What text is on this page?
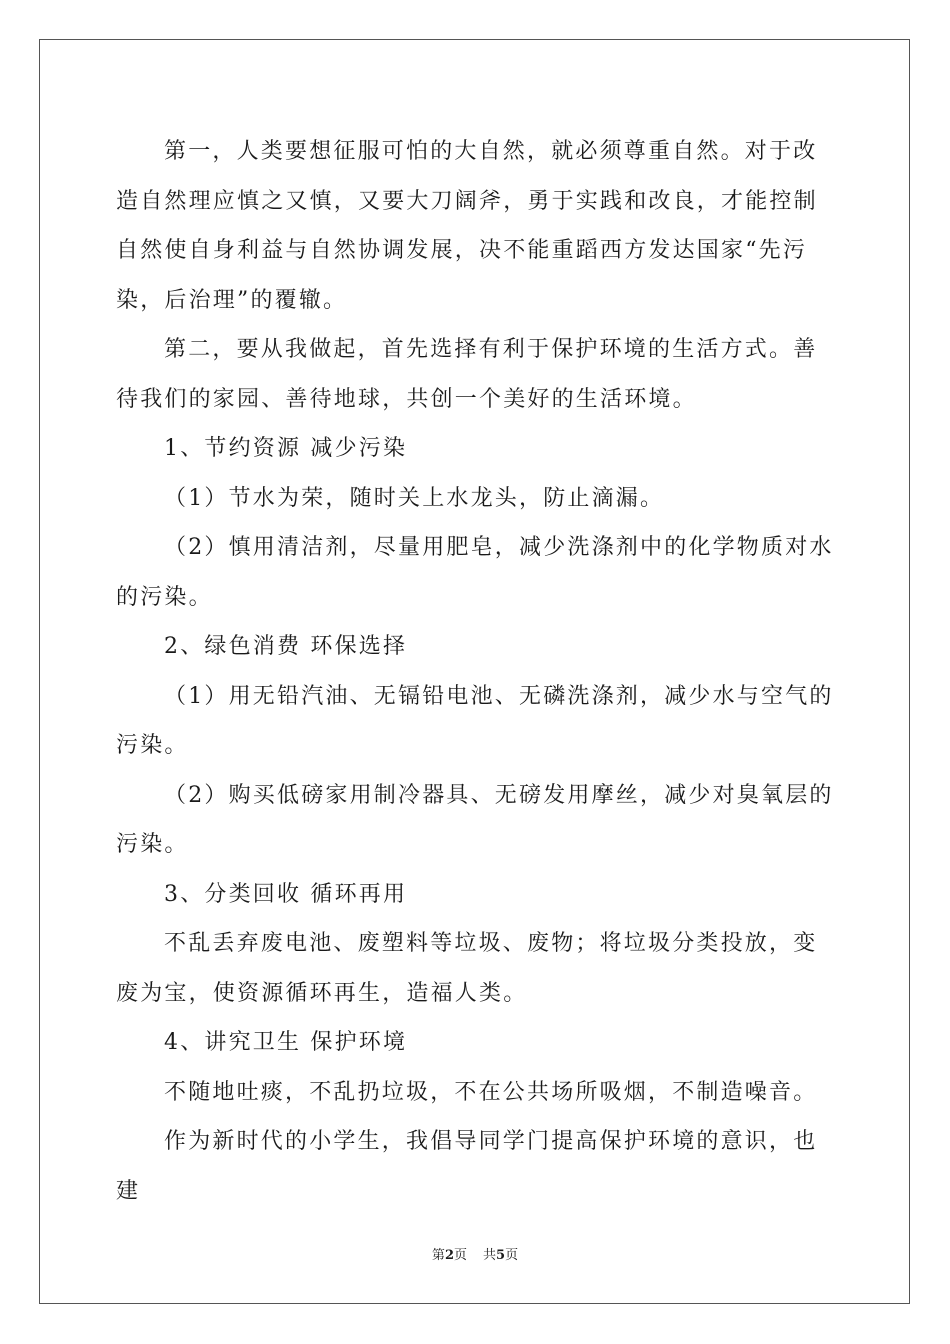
第一，人类要想征服可怕的大自然，就必须尊重自然。对于改造自然理应慎之又慎，又要大刀阔斧，勇于实践和改良，才能控制自然使自身利益与自然协调发展，决不能重蹈西方发达国家“先污染，后治理”的覆辙。

第二，要从我做起，首先选择有利于保护环境的生活方式。善待我们的家园、善待地球，共创一个美好的生活环境。

1、节约资源 减少污染

（1）节水为荣，随时关上水龙头，防止滴漏。

（2）慎用清洁剂，尽量用肥皂，减少洗涤剂中的化学物质对水的污染。

2、绿色消费 环保选择

（1）用无铅汽油、无镉铅电池、无磷洗涤剂，减少水与空气的污染。

（2）购买低磅家用制冷器具、无磅发用摩丝，减少对臭氧层的污染。

3、分类回收 循环再用

不乱丢弃废电池、废塑料等垃圾、废物；将垃圾分类投放，变废为宝，使资源循环再生，造福人类。

4、讲究卫生 保护环境

不随地吐痰，不乱扔垃圾，不在公共场所吸烟，不制造噪音。

作为新时代的小学生，我倡导同学门提高保护环境的意识，也建

第2页 共5页
